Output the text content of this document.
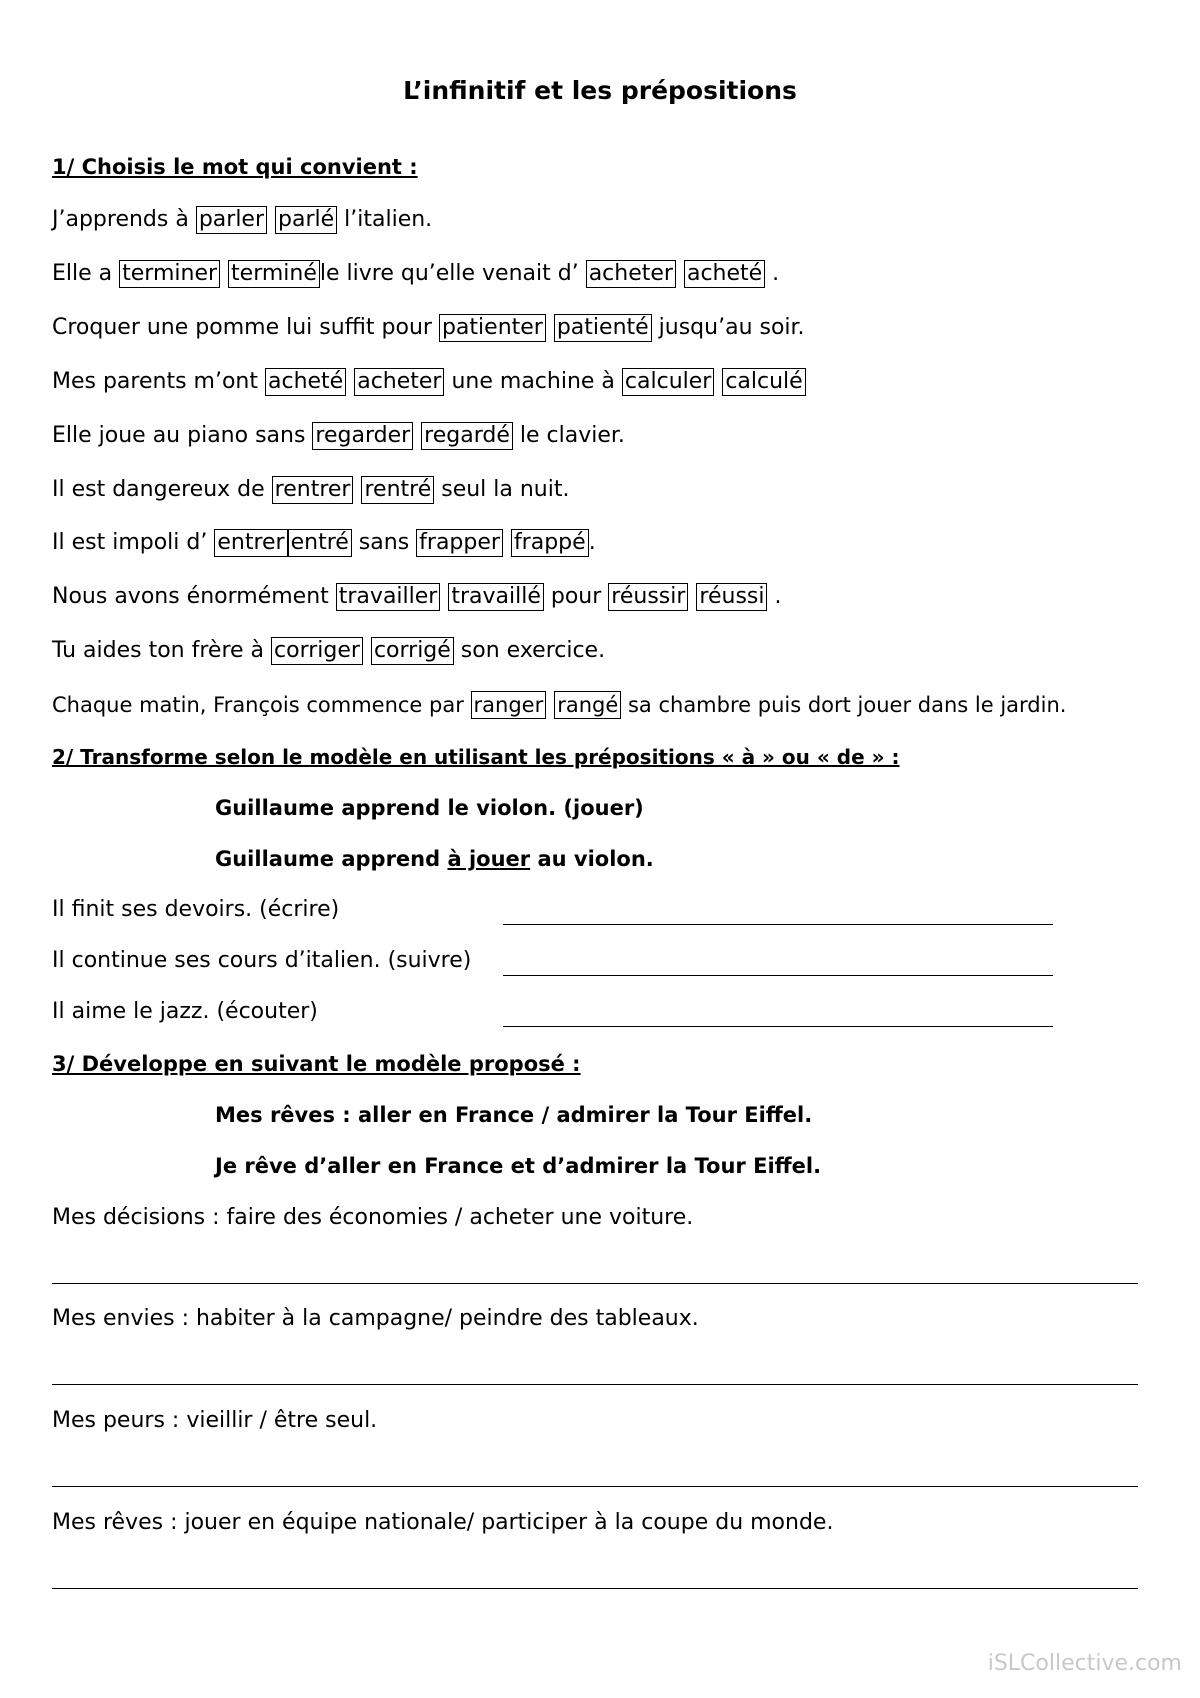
L’infinitif et les prépositions
1/ Choisis le mot qui convient :
J’apprends à parler parlé l’italien.
Elle a terminer terminé le livre qu’elle venait d’ acheter acheté .
Croquer une pomme lui suffit pour patienter patienté jusqu’au soir.
Mes parents m’ont acheté acheter une machine à calculer calculé
Elle joue au piano sans regarder regardé le clavier.
Il est dangereux de rentrer rentré seul la nuit.
Il est impoli d’ entrer entré sans frapper frappé .
Nous avons énormément travailler travaillé pour réussir réussi .
Tu aides ton frère à corriger corrigé son exercice.
Chaque matin, François commence par ranger rangé sa chambre puis dort jouer dans le jardin.
2/ Transforme selon le modèle en utilisant les prépositions « à » ou « de » :
Guillaume apprend le violon. (jouer)
Guillaume apprend à jouer au violon.
Il finit ses devoirs. (écrire)
Il continue ses cours d’italien. (suivre)
Il aime le jazz. (écouter)
3/ Développe en suivant le modèle proposé :
Mes rêves : aller en France / admirer la Tour Eiffel.
Je rêve d’aller en France et d’admirer la Tour Eiffel.
Mes décisions : faire des économies / acheter une voiture.
Mes envies : habiter à la campagne/ peindre des tableaux.
Mes peurs : vieillir / être seul.
Mes rêves : jouer en équipe nationale/ participer à la coupe du monde.
iSLCollective.com
